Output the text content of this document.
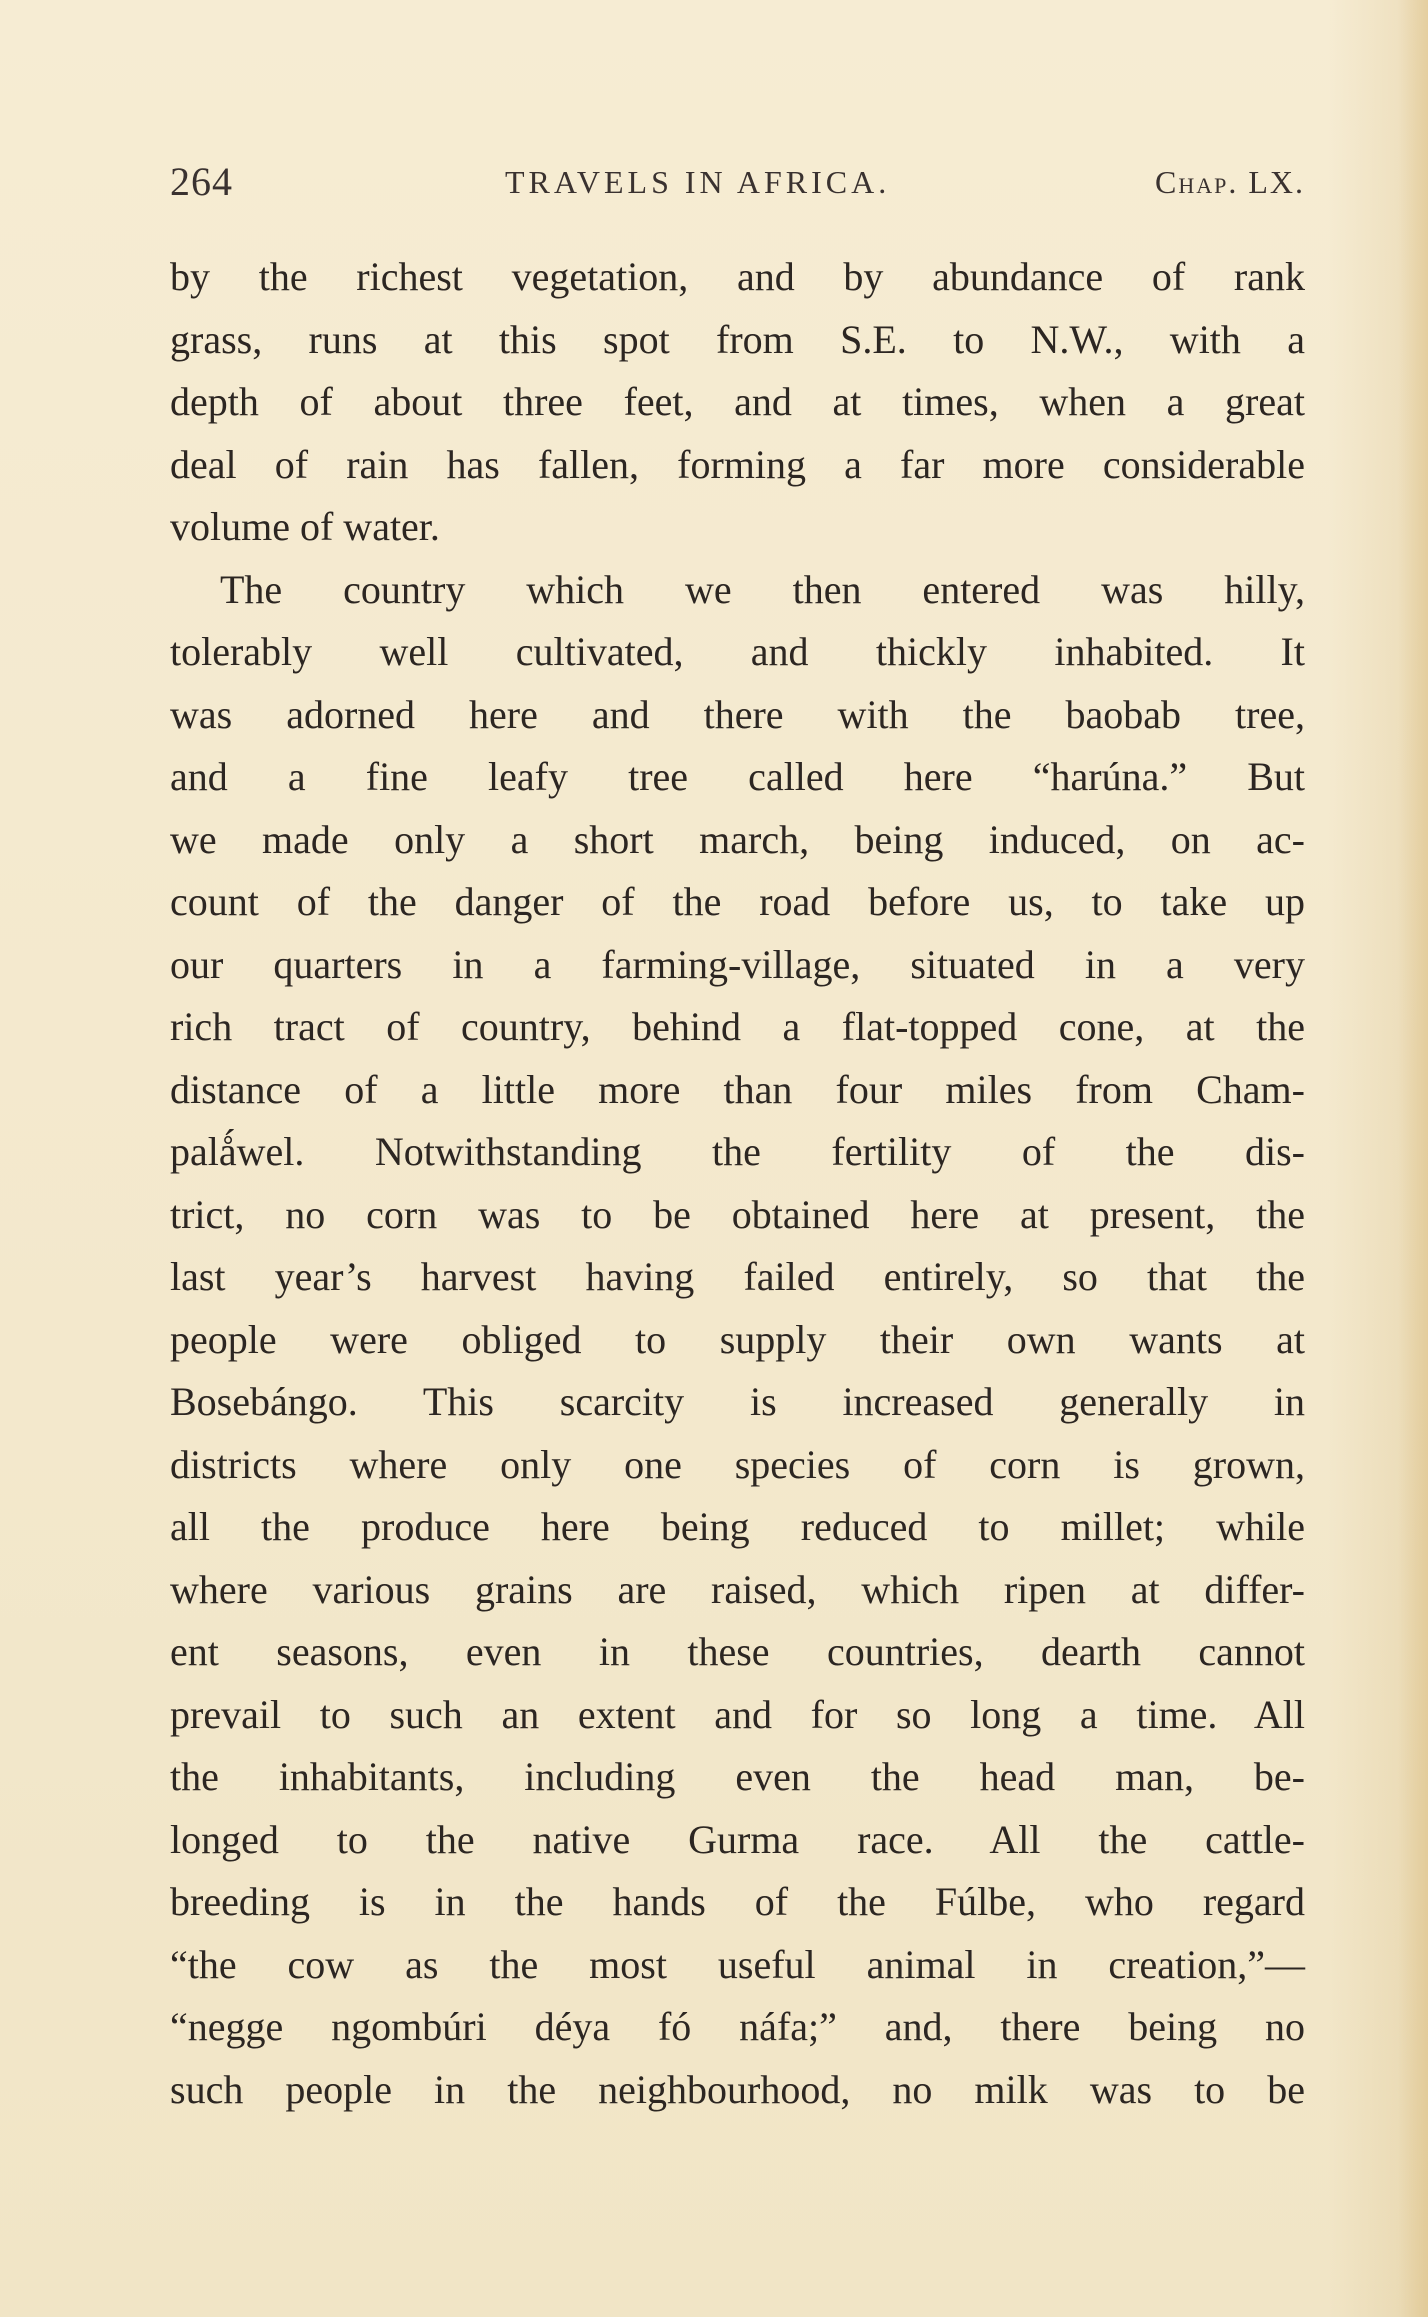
264	TRAVELS IN AFRICA.	Chap. LX.
by the richest vegetation, and by abundance of rank
grass, runs at this spot from S.E. to N.W., with a
depth of about three feet, and at times, when a great
deal of rain has fallen, forming a far more considerable
volume of water.
The country which we then entered was hilly,
tolerably well cultivated, and thickly inhabited. It
was adorned here and there with the baobab tree,
and a fine leafy tree called here “harúna.” But
we made only a short march, being induced, on ac-
count of the danger of the road before us, to take up
our quarters in a farming-village, situated in a very
rich tract of country, behind a flat-topped cone, at the
distance of a little more than four miles from Cham-
palǻwel. Notwithstanding the fertility of the dis-
trict, no corn was to be obtained here at present, the
last year’s harvest having failed entirely, so that the
people were obliged to supply their own wants at
Bosebángo. This scarcity is increased generally in
districts where only one species of corn is grown,
all the produce here being reduced to millet; while
where various grains are raised, which ripen at differ-
ent seasons, even in these countries, dearth cannot
prevail to such an extent and for so long a time. All
the inhabitants, including even the head man, be-
longed to the native Gurma race. All the cattle-
breeding is in the hands of the Fúlbe, who regard
“the cow as the most useful animal in creation,”—
“negge ngombúri déya fó náfa;” and, there being no
such people in the neighbourhood, no milk was to be
